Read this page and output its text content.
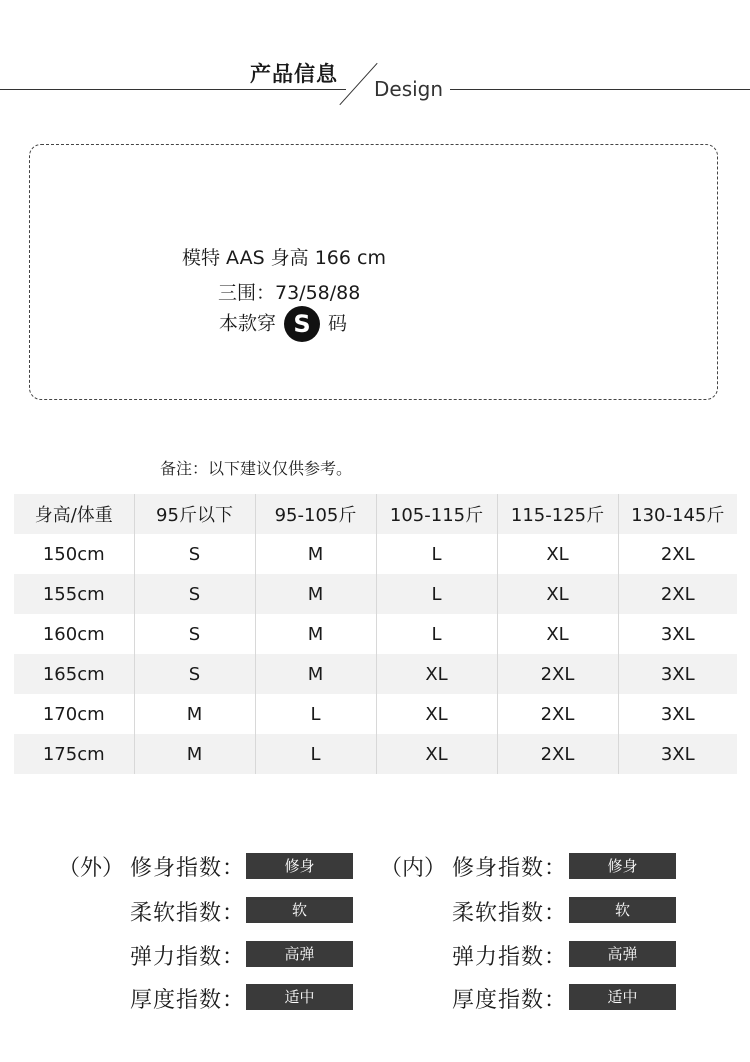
产品信息
Design
模特 AAS 身高 166 cm
三围：73/58/88
本款穿 S 码
备注：以下建议仅供参考。
身高/体重	95斤以下	95-105斤	105-115斤	115-125斤	130-145斤
150cm	S	M	L	XL	2XL
155cm	S	M	L	XL	2XL
160cm	S	M	L	XL	3XL
165cm	S	M	XL	2XL	3XL
170cm	M	L	XL	2XL	3XL
175cm	M	L	XL	2XL	3XL
（外） 修身指数：	修身
柔软指数：	软
弹力指数：	高弹
厚度指数：	适中
（内） 修身指数：	修身
柔软指数：	软
弹力指数：	高弹
厚度指数：	适中
